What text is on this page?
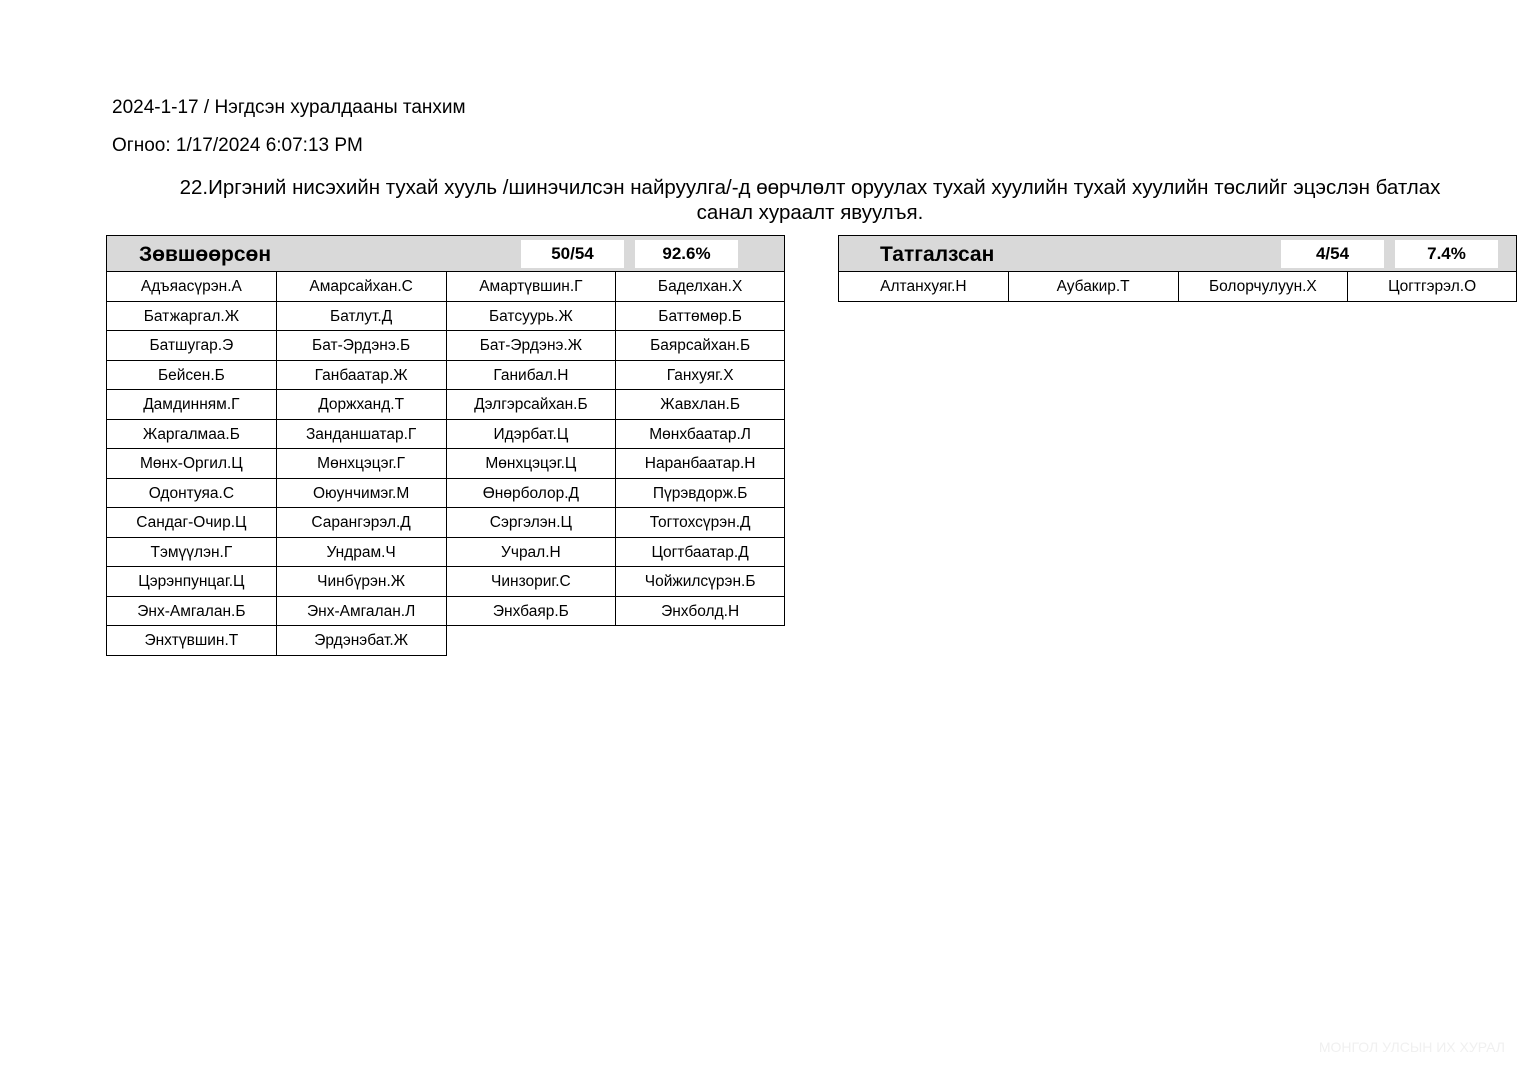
2024-1-17 / Нэгдсэн хуралдааны танхим
Огноо: 1/17/2024 6:07:13 PM
22.Иргэний нисэхийн тухай хууль /шинэчилсэн найруулга/-д өөрчлөлт оруулах тухай хуулийн тухай хуулийн төслийг эцэслэн батлах
санал хураалт явуулъя.
Зөвшөөрсөн	50/54	92.6%
Адъяасүрэн.А	Амарсайхан.С	Амартүвшин.Г	Баделхан.Х
Батжаргал.Ж	Батлут.Д	Батсуурь.Ж	Баттөмөр.Б
Батшугар.Э	Бат-Эрдэнэ.Б	Бат-Эрдэнэ.Ж	Баярсайхан.Б
Бейсен.Б	Ганбаатар.Ж	Ганибал.Н	Ганхуяг.Х
Дамдинням.Г	Доржханд.Т	Дэлгэрсайхан.Б	Жавхлан.Б
Жаргалмаа.Б	Занданшатар.Г	Идэрбат.Ц	Мөнхбаатар.Л
Мөнх-Оргил.Ц	Мөнхцэцэг.Г	Мөнхцэцэг.Ц	Наранбаатар.Н
Одонтуяа.С	Оюунчимэг.М	Өнөрболор.Д	Пүрэвдорж.Б
Сандаг-Очир.Ц	Сарангэрэл.Д	Сэргэлэн.Ц	Тогтохсүрэн.Д
Тэмүүлэн.Г	Ундрам.Ч	Учрал.Н	Цогтбаатар.Д
Цэрэнпунцаг.Ц	Чинбүрэн.Ж	Чинзориг.С	Чойжилсүрэн.Б
Энх-Амгалан.Б	Энх-Амгалан.Л	Энхбаяр.Б	Энхболд.Н
Энхтүвшин.Т	Эрдэнэбат.Ж
Татгалзсан	4/54	7.4%
Алтанхуяг.Н	Аубакир.Т	Болорчулуун.Х	Цогтгэрэл.О
МОНГОЛ УЛСЫН ИХ ХУРАЛ
